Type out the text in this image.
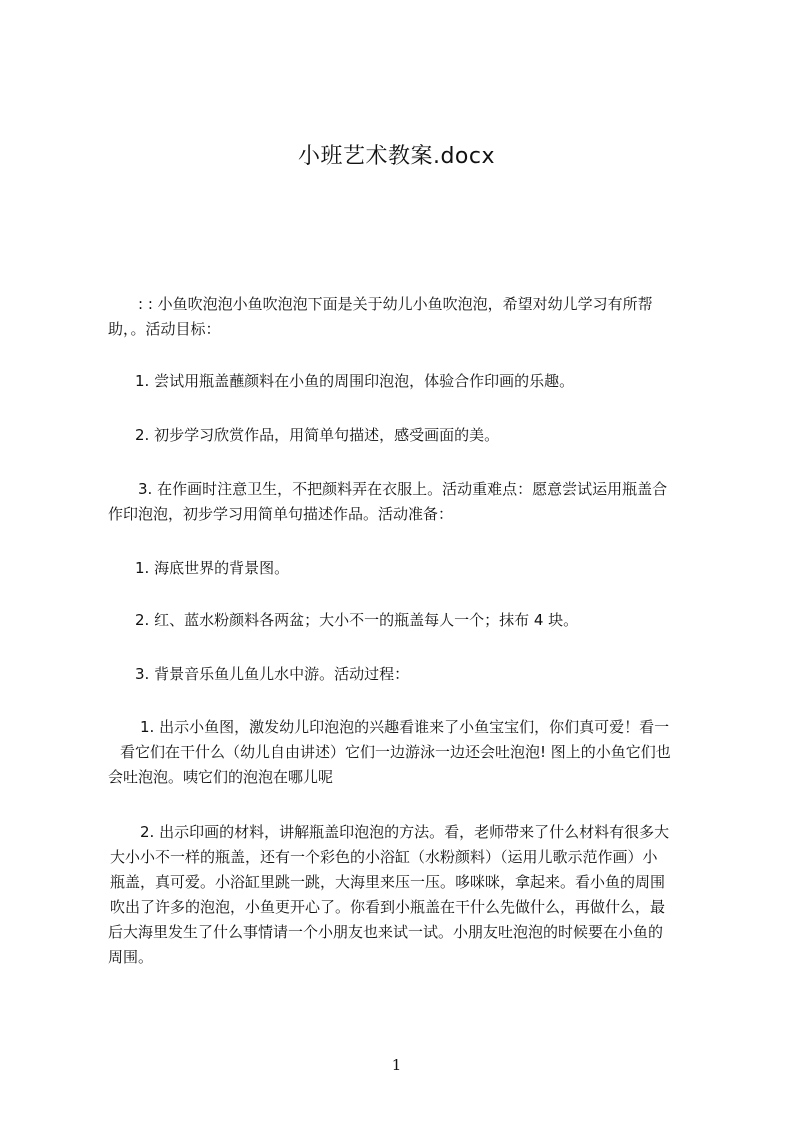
小班艺术教案.docx
: : 小鱼吹泡泡小鱼吹泡泡下面是关于幼儿小鱼吹泡泡，希望对幼儿学习有所帮
助，。活动目标：
1. 尝试用瓶盖蘸颜料在小鱼的周围印泡泡，体验合作印画的乐趣。
2. 初步学习欣赏作品，用简单句描述，感受画面的美。
3. 在作画时注意卫生，不把颜料弄在衣服上。活动重难点：愿意尝试运用瓶盖合
作印泡泡，初步学习用简单句描述作品。活动准备：
1. 海底世界的背景图。
2. 红、蓝水粉颜料各两盆；大小不一的瓶盖每人一个；抹布 4 块。
3. 背景音乐鱼儿鱼儿水中游。活动过程：
1. 出示小鱼图，激发幼儿印泡泡的兴趣看谁来了小鱼宝宝们，你们真可爱！看一
看它们在干什么（幼儿自由讲述）它们一边游泳一边还会吐泡泡! 图上的小鱼它们也
会吐泡泡。咦它们的泡泡在哪儿呢
2. 出示印画的材料，讲解瓶盖印泡泡的方法。看，老师带来了什么材料有很多大
大小小不一样的瓶盖，还有一个彩色的小浴缸（水粉颜料）（运用儿歌示范作画）小
瓶盖，真可爱。小浴缸里跳一跳，大海里来压一压。哆咪咪，拿起来。看小鱼的周围
吹出了许多的泡泡，小鱼更开心了。你看到小瓶盖在干什么先做什么，再做什么，最
后大海里发生了什么事情请一个小朋友也来试一试。小朋友吐泡泡的时候要在小鱼的
周围。
1
